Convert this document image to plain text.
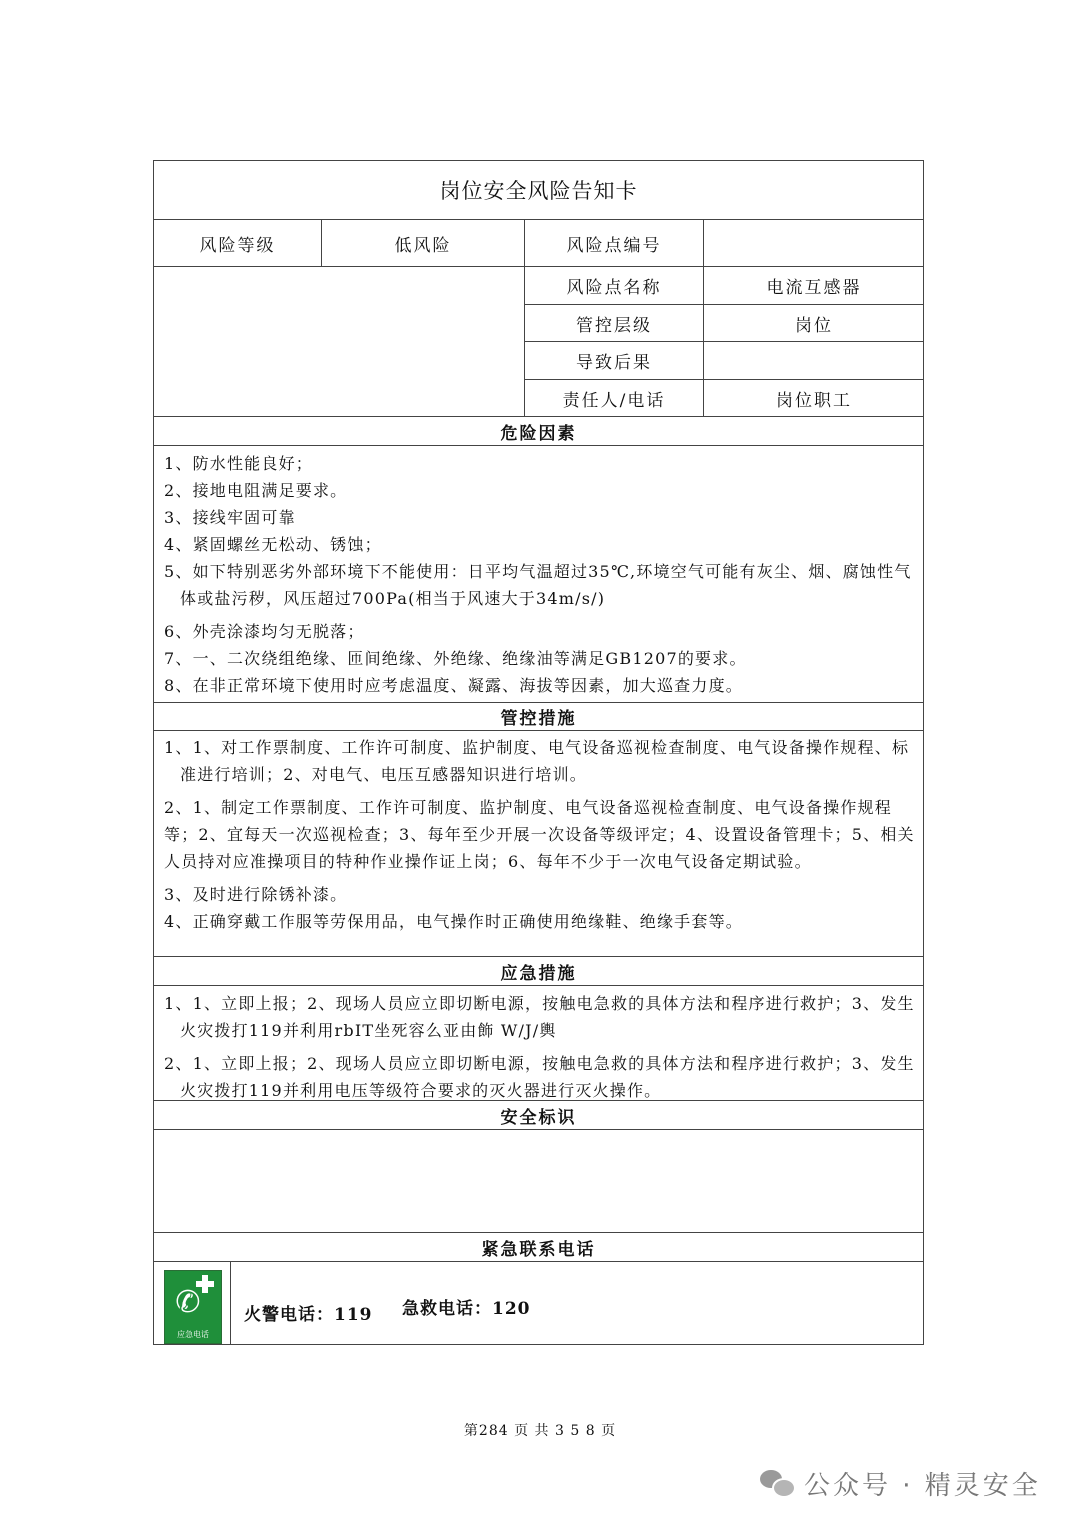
岗位安全风险告知卡
风险等级	低风险	风险点编号
风险点名称	电流互感器
管控层级	岗位
导致后果
责任人/电话	岗位职工
危险因素

1、防水性能良好；

2、接地电阻满足要求。

3、接线牢固可靠

4、紧固螺丝无松动、锈蚀；

5、如下特别恶劣外部环境下不能使用：日平均气温超过35℃,环境空气可能有灰尘、烟、腐蚀性气体或盐污秽，风压超过700Pa(相当于风速大于34m/s/)

6、外壳涂漆均匀无脱落；

7、一、二次绕组绝缘、匝间绝缘、外绝缘、绝缘油等满足GB1207的要求。

8、在非正常环境下使用时应考虑温度、凝露、海拔等因素，加大巡查力度。

管控措施

1、1、对工作票制度、工作许可制度、监护制度、电气设备巡视检查制度、电气设备操作规程、标准进行培训；2、对电气、电压互感器知识进行培训。

2、1、制定工作票制度、工作许可制度、监护制度、电气设备巡视检查制度、电气设备操作规程等；2、宜每天一次巡视检查；3、每年至少开展一次设备等级评定；4、设置设备管理卡；5、相关人员持对应准操项目的特种作业操作证上岗；6、每年不少于一次电气设备定期试验。

3、及时进行除锈补漆。

4、正确穿戴工作服等劳保用品，电气操作时正确使用绝缘鞋、绝缘手套等。

应急措施

1、1、立即上报；2、现场人员应立即切断电源，按触电急救的具体方法和程序进行救护；3、发生火灾拨打119并利用rbIT坐死容么亚由飾 W/J/輿

2、1、立即上报；2、现场人员应立即切断电源，按触电急救的具体方法和程序进行救护；3、发生火灾拨打119并利用电压等级符合要求的灭火器进行灭火操作。

安全标识
紧急联系电话
✆
应急电话
火警电话：119 急救电话：120
第284 页 共 3 5 8 页
公众号 · 精灵安全
